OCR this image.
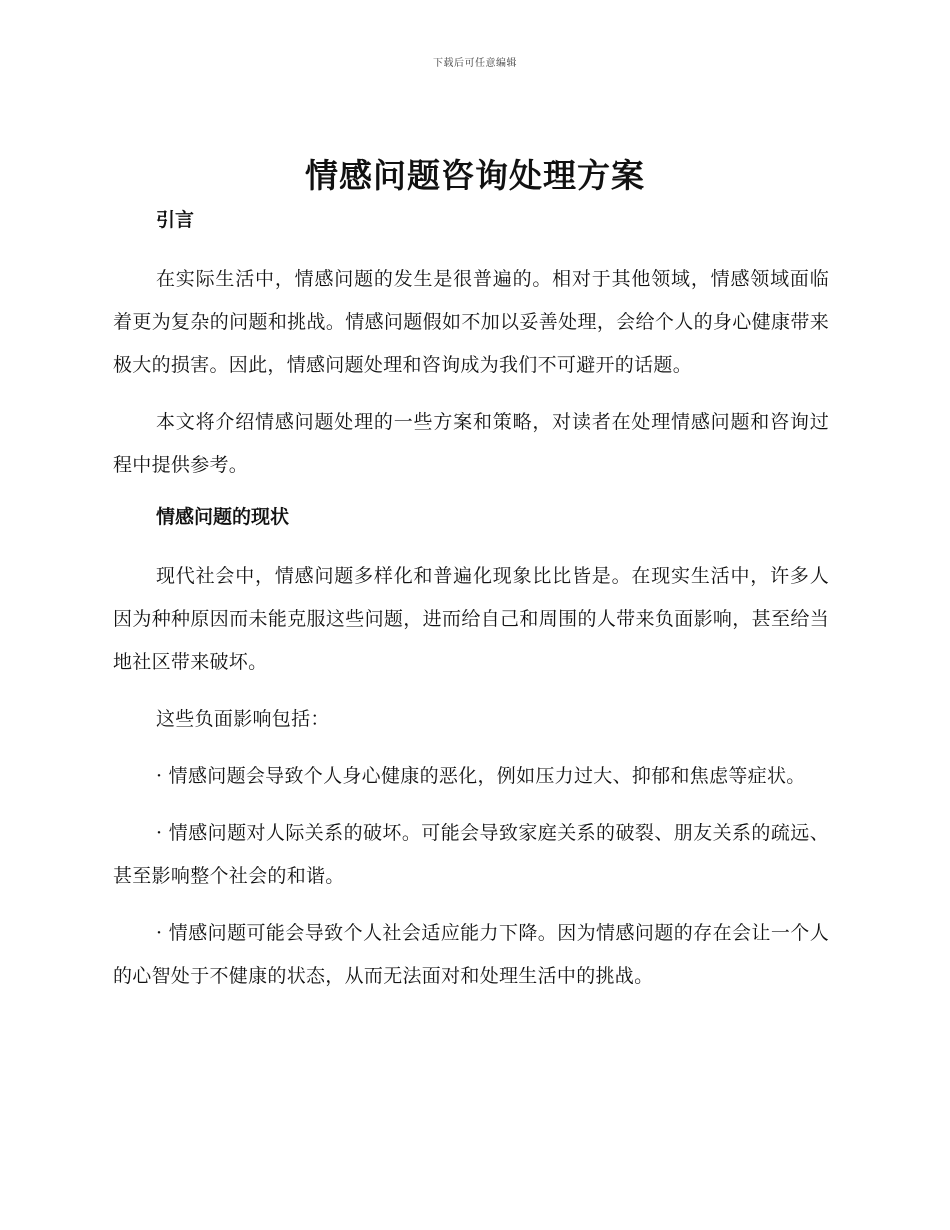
下载后可任意编辑
情感问题咨询处理方案
引言

在实际生活中，情感问题的发生是很普遍的。相对于其他领域，情感领域面临着更为复杂的问题和挑战。情感问题假如不加以妥善处理，会给个人的身心健康带来极大的损害。因此，情感问题处理和咨询成为我们不可避开的话题。

本文将介绍情感问题处理的一些方案和策略，对读者在处理情感问题和咨询过程中提供参考。

情感问题的现状

现代社会中，情感问题多样化和普遍化现象比比皆是。在现实生活中，许多人因为种种原因而未能克服这些问题，进而给自己和周围的人带来负面影响，甚至给当地社区带来破坏。

这些负面影响包括：

· 情感问题会导致个人身心健康的恶化，例如压力过大、抑郁和焦虑等症状。

· 情感问题对人际关系的破坏。可能会导致家庭关系的破裂、朋友关系的疏远、甚至影响整个社会的和谐。

· 情感问题可能会导致个人社会适应能力下降。因为情感问题的存在会让一个人的心智处于不健康的状态，从而无法面对和处理生活中的挑战。
